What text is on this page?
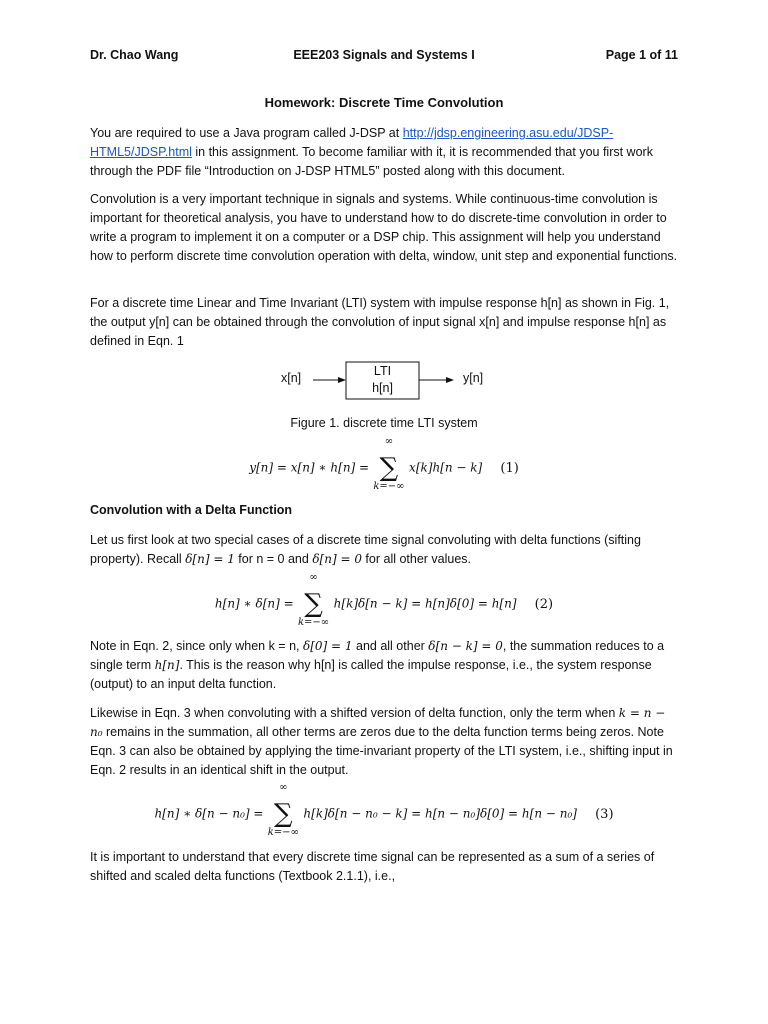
Dr. Chao Wang	EEE203 Signals and Systems I	Page 1 of 11
Homework: Discrete Time Convolution

You are required to use a Java program called J-DSP at http://jdsp.engineering.asu.edu/JDSP-HTML5/JDSP.html in this assignment. To become familiar with it, it is recommended that you first work through the PDF file “Introduction on J-DSP HTML5” posted along with this document.

Convolution is a very important technique in signals and systems. While continuous-time convolution is important for theoretical analysis, you have to understand how to do discrete-time convolution in order to write a program to implement it on a computer or a DSP chip. This assignment will help you understand how to perform discrete time convolution operation with delta, window, unit step and exponential functions.

For a discrete time Linear and Time Invariant (LTI) system with impulse response h[n] as shown in Fig. 1, the output y[n] can be obtained through the convolution of input signal x[n] and impulse response h[n] as defined in Eqn. 1

x[n]	LTI
h[n]
y[n]
Figure 1. discrete time LTI system
y[n] = x[n] ∗ h[n] =
∞
∑
k=−∞
x[k]h[n − k] (1)
Convolution with a Delta Function

Let us first look at two special cases of a discrete time signal convoluting with delta functions (sifting property). Recall δ[n] = 1 for n = 0 and δ[n] = 0 for all other values.

h[n] ∗ δ[n] =
∞
∑
k=−∞
h[k]δ[n − k] = h[n]δ[0] = h[n] (2)

Note in Eqn. 2, since only when k = n, δ[0] = 1 and all other δ[n − k] = 0, the summation reduces to a single term h[n]. This is the reason why h[n] is called the impulse response, i.e., the system response (output) to an input delta function.

Likewise in Eqn. 3 when convoluting with a shifted version of delta function, only the term when k = n − n₀ remains in the summation, all other terms are zeros due to the delta function terms being zeros. Note Eqn. 3 can also be obtained by applying the time-invariant property of the LTI system, i.e., shifting input in Eqn. 2 results in an identical shift in the output.

h[n] ∗ δ[n − n₀] =
∞
∑
k=−∞
h[k]δ[n − n₀ − k] = h[n − n₀]δ[0] = h[n − n₀] (3)

It is important to understand that every discrete time signal can be represented as a sum of a series of shifted and scaled delta functions (Textbook 2.1.1), i.e.,
